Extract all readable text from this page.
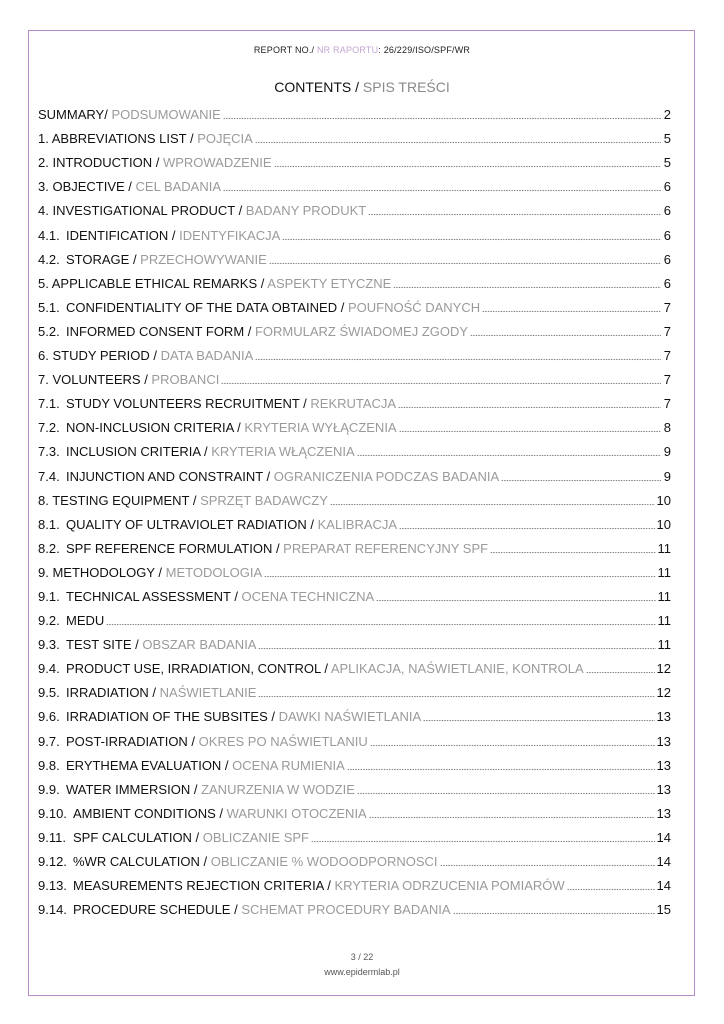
REPORT NO./ NR RAPORTU: 26/229/ISO/SPF/WR
CONTENTS / SPIS TREŚCI
SUMMARY/ PODSUMOWANIE	2
1. ABBREVIATIONS LIST / POJĘCIA	5
2. INTRODUCTION / WPROWADZENIE	5
3. OBJECTIVE / CEL BADANIA	6
4. INVESTIGATIONAL PRODUCT / BADANY PRODUKT	6
4.1. IDENTIFICATION / IDENTYFIKACJA	6
4.2. STORAGE / PRZECHOWYWANIE	6
5. APPLICABLE ETHICAL REMARKS / ASPEKTY ETYCZNE	6
5.1. CONFIDENTIALITY OF THE DATA OBTAINED / POUFNOŚĆ DANYCH	7
5.2. INFORMED CONSENT FORM / FORMULARZ ŚWIADOMEJ ZGODY	7
6. STUDY PERIOD / DATA BADANIA	7
7. VOLUNTEERS / PROBANCI	7
7.1. STUDY VOLUNTEERS RECRUITMENT / REKRUTACJA	7
7.2. NON-INCLUSION CRITERIA / KRYTERIA WYŁĄCZENIA	8
7.3. INCLUSION CRITERIA / KRYTERIA WŁĄCZENIA	9
7.4. INJUNCTION AND CONSTRAINT / OGRANICZENIA PODCZAS BADANIA	9
8. TESTING EQUIPMENT / SPRZĘT BADAWCZY	10
8.1. QUALITY OF ULTRAVIOLET RADIATION / KALIBRACJA	10
8.2. SPF REFERENCE FORMULATION / PREPARAT REFERENCYJNY SPF	11
9. METHODOLOGY / METODOLOGIA	11
9.1. TECHNICAL ASSESSMENT / OCENA TECHNICZNA	11
9.2. MEDU	11
9.3. TEST SITE / OBSZAR BADANIA	11
9.4. PRODUCT USE, IRRADIATION, CONTROL / APLIKACJA, NAŚWIETLANIE, KONTROLA	12
9.5. IRRADIATION / NAŚWIETLANIE	12
9.6. IRRADIATION OF THE SUBSITES / DAWKI NAŚWIETLANIA	13
9.7. POST-IRRADIATION / OKRES PO NAŚWIETLANIU	13
9.8. ERYTHEMA EVALUATION / OCENA RUMIENIA	13
9.9. WATER IMMERSION / ZANURZENIA W WODZIE	13
9.10. AMBIENT CONDITIONS / WARUNKI OTOCZENIA	13
9.11. SPF CALCULATION / OBLICZANIE SPF	14
9.12. %WR CALCULATION / OBLICZANIE % WODOODPORNOSCI	14
9.13. MEASUREMENTS REJECTION CRITERIA / KRYTERIA ODRZUCENIA POMIARÓW	14
9.14. PROCEDURE SCHEDULE / SCHEMAT PROCEDURY BADANIA	15
3 / 22
www.epidermlab.pl
